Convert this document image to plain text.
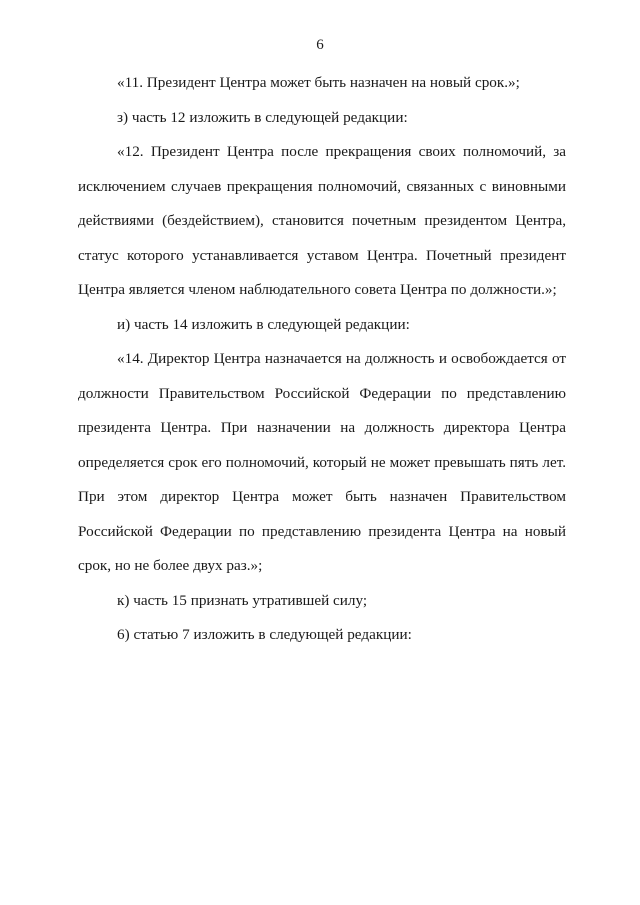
6

«11. Президент Центра может быть назначен на новый срок.»;

з) часть 12 изложить в следующей редакции:

«12. Президент Центра после прекращения своих полномочий, за исключением случаев прекращения полномочий, связанных с виновными действиями (бездействием), становится почетным президентом Центра, статус которого устанавливается уставом Центра. Почетный президент Центра является членом наблюдательного совета Центра по должности.»;

и) часть 14 изложить в следующей редакции:

«14. Директор Центра назначается на должность и освобождается от должности Правительством Российской Федерации по представлению президента Центра. При назначении на должность директора Центра определяется срок его полномочий, который не может превышать пять лет. При этом директор Центра может быть назначен Правительством Российской Федерации по представлению президента Центра на новый срок, но не более двух раз.»;

к) часть 15 признать утратившей силу;

6) статью 7 изложить в следующей редакции:
